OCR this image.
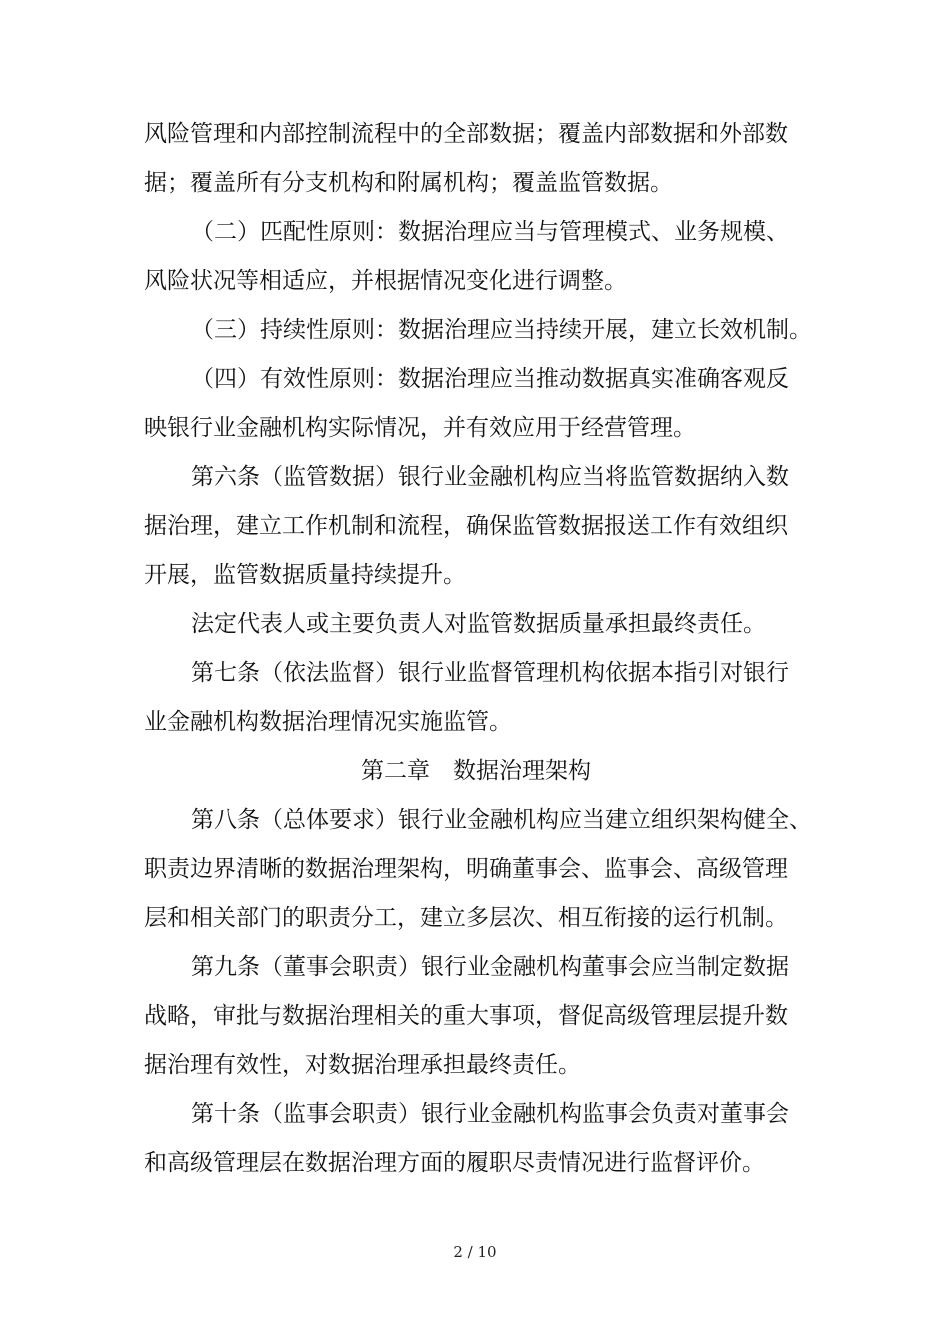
风险管理和内部控制流程中的全部数据；覆盖内部数据和外部数
据；覆盖所有分支机构和附属机构；覆盖监管数据。
（二）匹配性原则：数据治理应当与管理模式、业务规模、
风险状况等相适应，并根据情况变化进行调整。
（三）持续性原则：数据治理应当持续开展，建立长效机制。
（四）有效性原则：数据治理应当推动数据真实准确客观反
映银行业金融机构实际情况，并有效应用于经营管理。
第六条（监管数据）银行业金融机构应当将监管数据纳入数
据治理，建立工作机制和流程，确保监管数据报送工作有效组织
开展，监管数据质量持续提升。
法定代表人或主要负责人对监管数据质量承担最终责任。
第七条（依法监督）银行业监督管理机构依据本指引对银行
业金融机构数据治理情况实施监管。
第二章　数据治理架构
第八条（总体要求）银行业金融机构应当建立组织架构健全、
职责边界清晰的数据治理架构，明确董事会、监事会、高级管理
层和相关部门的职责分工，建立多层次、相互衔接的运行机制。
第九条（董事会职责）银行业金融机构董事会应当制定数据
战略，审批与数据治理相关的重大事项，督促高级管理层提升数
据治理有效性，对数据治理承担最终责任。
第十条（监事会职责）银行业金融机构监事会负责对董事会
和高级管理层在数据治理方面的履职尽责情况进行监督评价。
2 / 10
